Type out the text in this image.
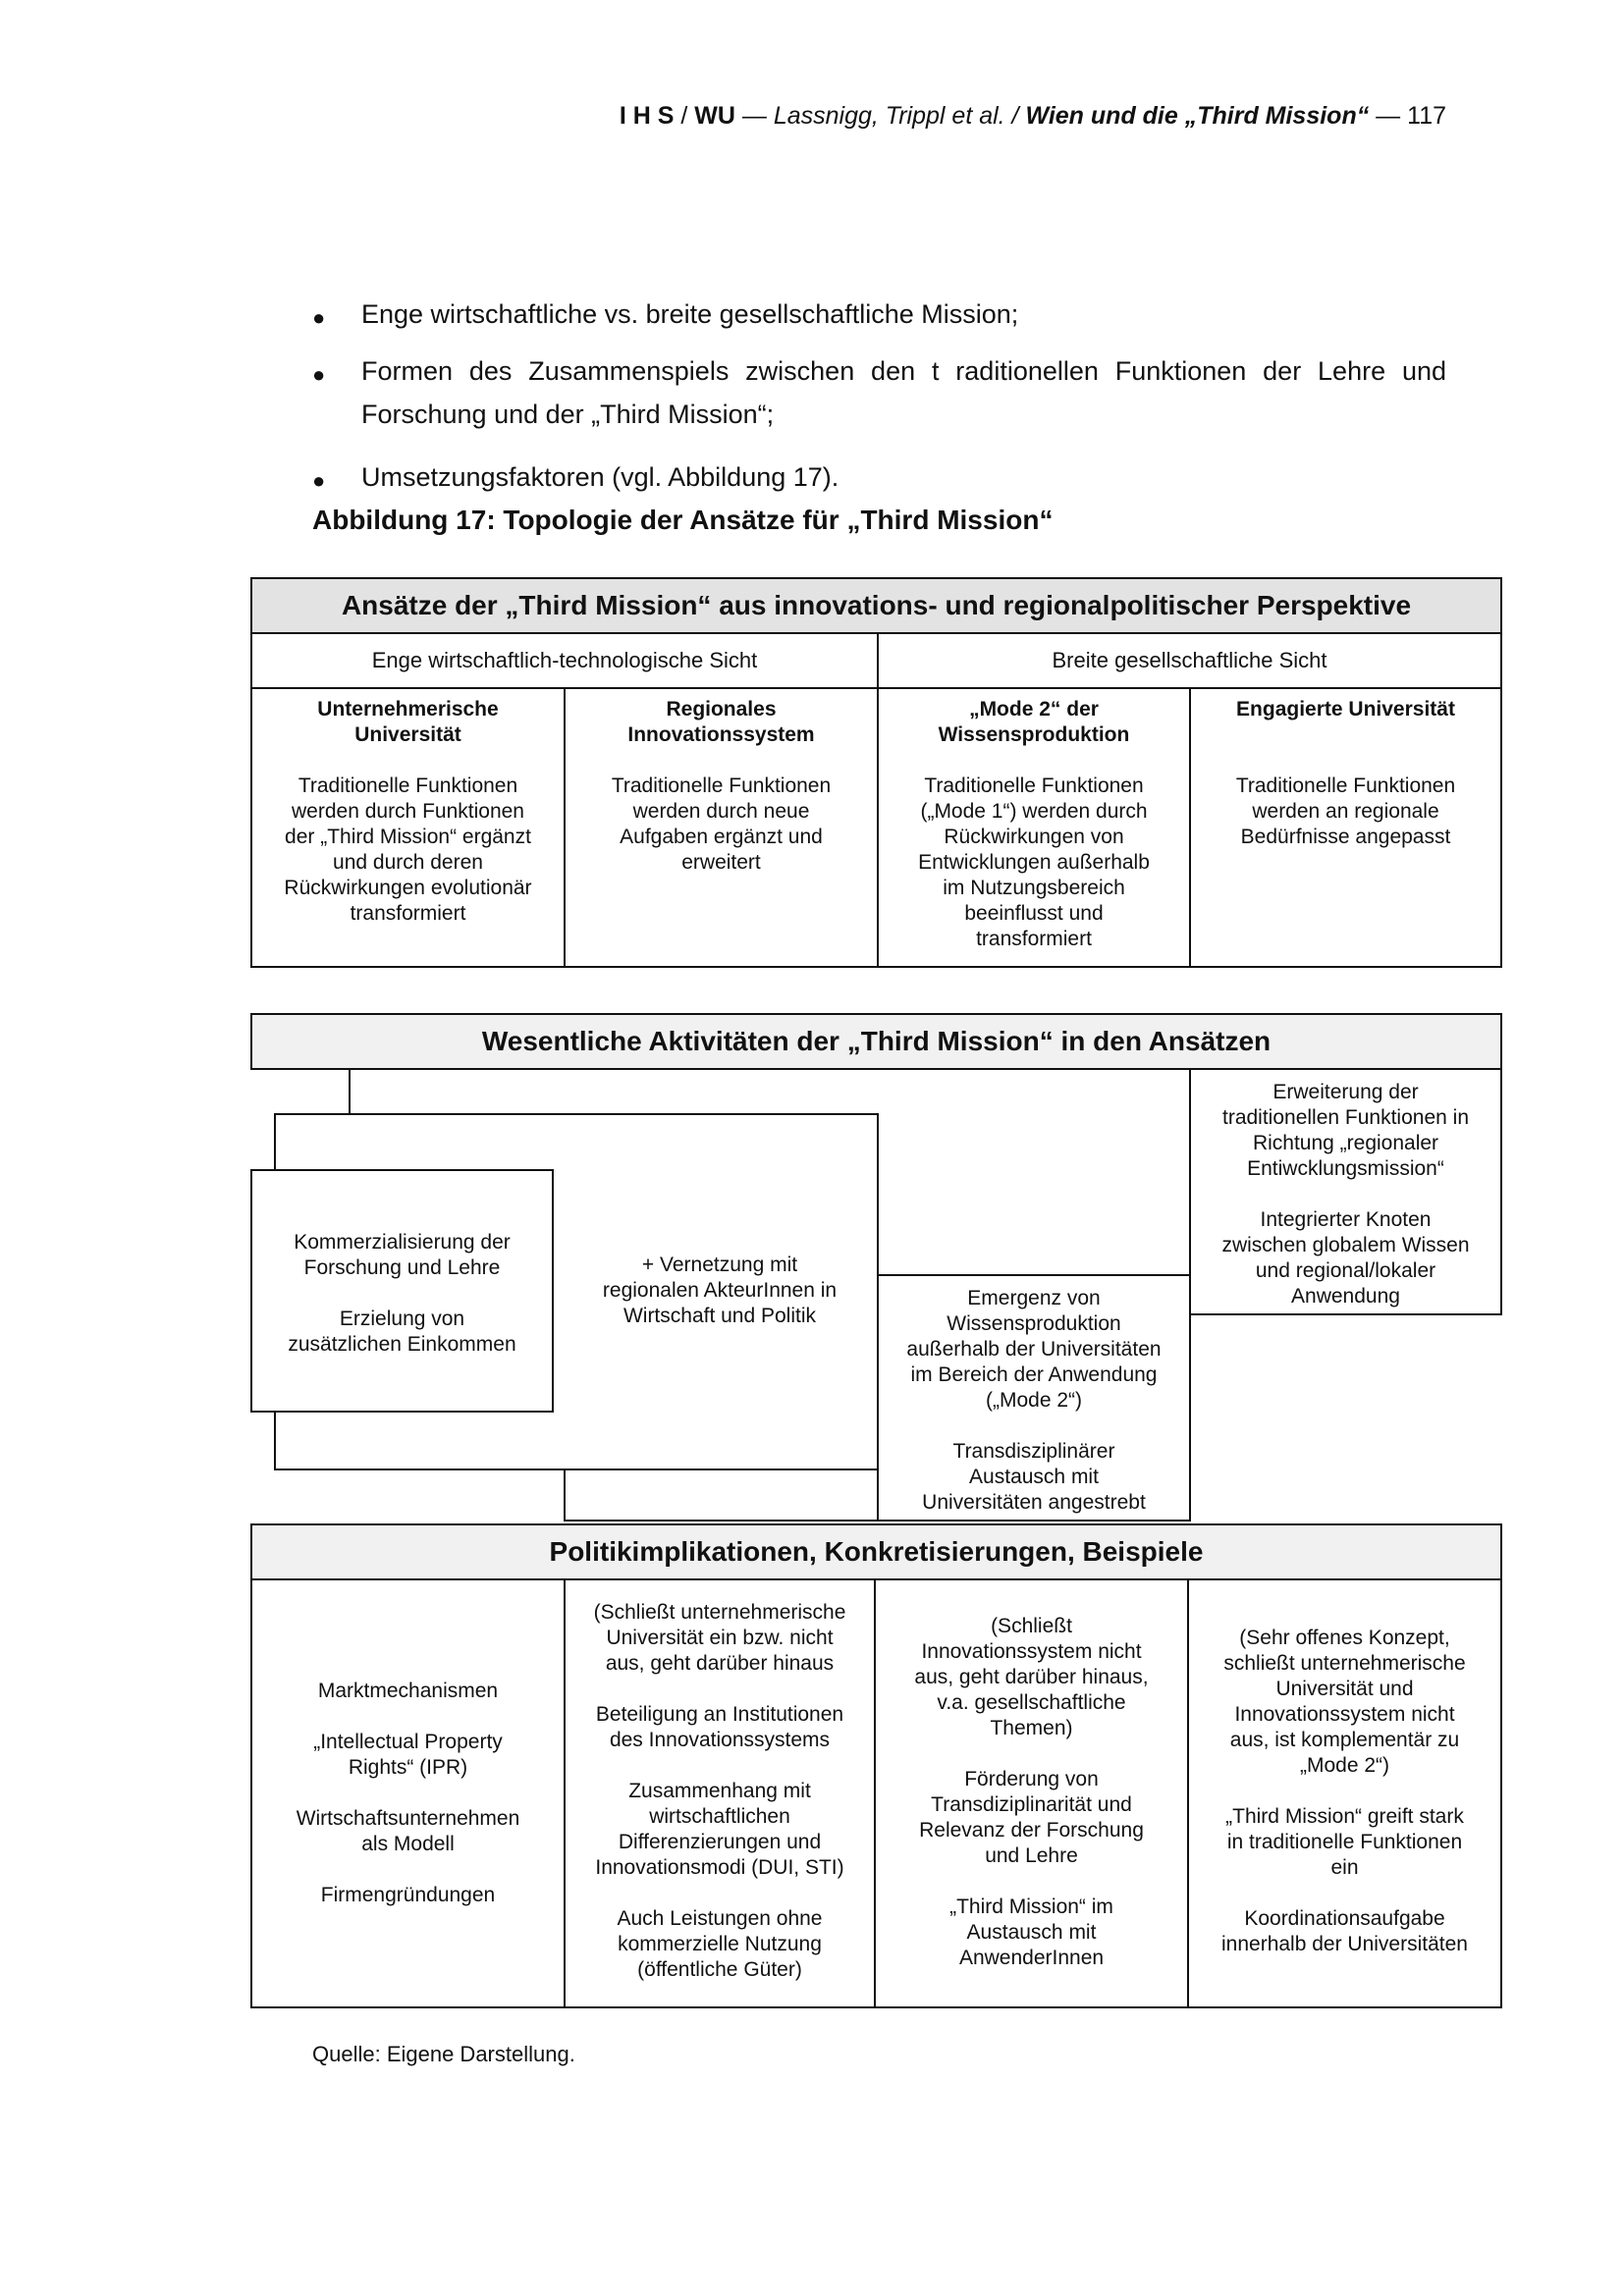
I H S / WU — Lassnigg, Trippl et al. / Wien und die „Third Mission“ — 117
● Enge wirtschaftliche vs. breite gesellschaftliche Mission;
● Formen des Zusammenspiels zwischen den t raditionellen Funktionen der Lehre und
Forschung und der „Third Mission“;
● Umsetzungsfaktoren (vgl. Abbildung 17).
Abbildung 17: Topologie der Ansätze für „Third Mission“
Ansätze der „Third Mission“ aus innovations- und regionalpolitischer Perspektive
Enge wirtschaftlich-technologische Sicht	Breite gesellschaftliche Sicht
Unternehmerische
Universität
Traditionelle Funktionen
werden durch Funktionen
der „Third Mission“ ergänzt
und durch deren
Rückwirkungen evolutionär
transformiert
Regionales
Innovationssystem
Traditionelle Funktionen
werden durch neue
Aufgaben ergänzt und
erweitert
„Mode 2“ der
Wissensproduktion
Traditionelle Funktionen
(„Mode 1“) werden durch
Rückwirkungen von
Entwicklungen außerhalb
im Nutzungsbereich
beeinflusst und
transformiert
Engagierte Universität
Traditionelle Funktionen
werden an regionale
Bedürfnisse angepasst
Wesentliche Aktivitäten der „Third Mission“ in den Ansätzen
Erweiterung der
traditionellen Funktionen in
Richtung „regionaler
Entiwcklungsmission“
Integrierter Knoten
zwischen globalem Wissen
und regional/lokaler
Anwendung
Emergenz von
Wissensproduktion
außerhalb der Universitäten
im Bereich der Anwendung
(„Mode 2“)
Transdisziplinärer
Austausch mit
Universitäten angestrebt
+ Vernetzung mit
regionalen AkteurInnen in
Wirtschaft und Politik
Kommerzialisierung der
Forschung und Lehre
Erzielung von
zusätzlichen Einkommen
Politikimplikationen, Konkretisierungen, Beispiele
Marktmechanismen
„Intellectual Property
Rights“ (IPR)
Wirtschaftsunternehmen
als Modell
Firmengründungen
(Schließt unternehmerische
Universität ein bzw. nicht
aus, geht darüber hinaus
Beteiligung an Institutionen
des Innovationssystems
Zusammenhang mit
wirtschaftlichen
Differenzierungen und
Innovationsmodi (DUI, STI)
Auch Leistungen ohne
kommerzielle Nutzung
(öffentliche Güter)
(Schließt
Innovationssystem nicht
aus, geht darüber hinaus,
v.a. gesellschaftliche
Themen)
Förderung von
Transdiziplinarität und
Relevanz der Forschung
und Lehre
„Third Mission“ im
Austausch mit
AnwenderInnen
(Sehr offenes Konzept,
schließt unternehmerische
Universität und
Innovationssystem nicht
aus, ist komplementär zu
„Mode 2“)
„Third Mission“ greift stark
in traditionelle Funktionen
ein
Koordinationsaufgabe
innerhalb der Universitäten
Quelle: Eigene Darstellung.
